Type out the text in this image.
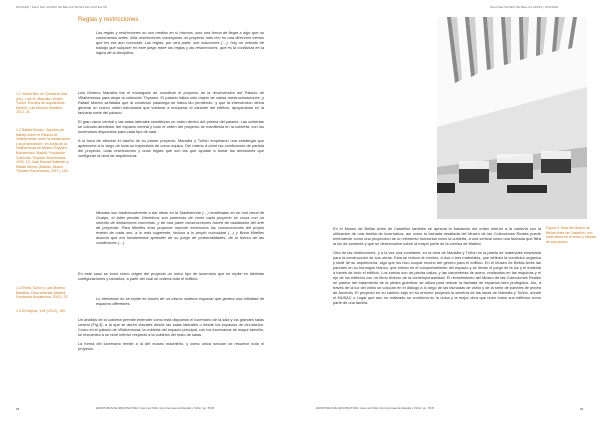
DOSSIER | SALA DEL MUSEO DE BELLAS ARTES DE CASTELLÓN
Reglas y restricciones
Las reglas y restricciones no son medios en sí mismos, sino una forma de llegar a algo que no conocíamos antes. Más restricciones conseguían un proyecto más rico en una dirección menos que les era aún conocida. Las reglas, por otra parte, son soluciones (…). Hay un método de trabajo que subyace en este juego entre las reglas y las restricciones, que es la confianza en la lógica de la disciplina.
1.1 Véase libro en Quintana Vida (ed.), Luis M. Mansilla / Emilio Tuñón. Escritos de arquitectura, Madrid, Luis Moreno Mansilla, 2012, 24.
1.2 Rafael Moneo, 'Apuntes de trabajo sobre el Palacio de Villahermosa: entre la restauración y la proyectación', en Actas de la Villahermosa de Museo Thyssen-Bornemisza, Madrid, Fundación Colección Thyssen-Bornemisza, 1992, 13; José Manuel Ballester y Rafael Moneo (Madrid: Museo Thyssen-Bornemisza, 2017), 146.
1.3 Emilio Tuñón y Luis Moreno Mansilla, Casa abiertas (Madrid: Fundación Arquitectos, 2002), 23.
1.4 Di Dioppa, 'Leil' (2012), 189.

Luis Moreno Mansilla fue el encargado de coordinar el proyecto de la reconversión del Palacio de Villahermosa para alojar la colección Thyssen. El palacio había sido objeto de varias reestructuraciones, y Rafael Moneo señalaba que la condición palaciega se había ido perdiendo, y que la intervención debía generar un nuevo orden estructural que volviese a recuperar el carácter del edificio, apoyándose en la fachada norte del palacio.

El gran vacío central y las salas laterales constituían un orden dentro del prisma del palacio. Las cubiertas se colocan alrededor del espacio central y todo el orden del proyecto se manifiesta en la cubierta, con los lucernarios dispuestos para cada tipo de sala.

A la hora de afrontar el diseño de su primer proyecto, Mansilla y Tuñón emplearon una estrategia que aparecería a lo largo de toda su trayectoria de como equipo. Del mismo a priori las condiciones de partida del proyecto, unas restricciones y unas reglas que son las que ayudan a tomar las decisiones que configuran la obra de arquitectura:

Miradas son tradicionalmente a dar ideas en la Stadelshuhe (…) moldeadas en un mal cenal de Ovalpo, el taller peralta. Genéticos son potencias de cómo cada proyecto se cruza con un sencillo de limitaciones concretas, y de otra parte construcciones hacen de catalizador del arte de proyectar. Para Mirelles eran proponer reponer extensivos las construcciones del propio evento de cada uno, a lo más sugerente, incluso a lo propio curiosidad (…) y Brina Mirelles asumía que era fundamental aprender de su juego de potencialidades, de la fuerza de las condiciones (…).

En este caso se tomó como origen del proyecto un único tipo de lucernario que se repite en distintas configuraciones y tamaños, a partir del cual se ordena todo el edificio.

Lo elemental no se repite en través de un mismo sistema espacial que genera una infinidad de espacios diferentes.

Un análisis de la cubierta permite entender cómo está dispuesto el lucernario de la sala y los grandes salas central (Fig.3), a la que se abren visuales desde las salas laterales o desde los espacios de circulación. Como en el palacio de Villahermosa, la cubierta del espacio principal, con los lucernarios de mayor tamaño, se encuentra a un nivel inferior respecto a la cubierta del resto de salas.

La forma del lucernario remite a la del museo madrileño, y como única sección se resuelve todo el proyecto.

88	ESCRITURAS DE ARQUITECTURA | José Luis Tuñón: El primer paso de Mansilla y Tuñón | pp. 78-95
SALA DEL MUSEO DE BELLAS ARTES | DOSSIER
Figura 3. Sala del Museo de Bellas Artes de Castellón, con lucernarios en el techo y vitrinas de exposición.

En el Museo de Bellas Artes de Castellón también se aprecia la traslación del orden interior a la cubierta con la utilización de una familia de lucernarios, así como la fachada resaltada del Museo de las Colecciones Reales puede entenderse como una proyección de un elemento horizontal como la cubierta, a una vertical como una fachada que filtra la luz de poniente y que se desenvuelve sobre la mayor parte de la cornisa de Madrid.

Otra de las restricciones, y a la vez una constante, en la obra de Mansilla y Tuñón es la paleta de materiales empleada para la construcción de sus obras. Esta se reduce al mínimo, a dos o tres materiales, que definen la condición orgánica y táctil de su arquitectura, algo que los hizo ocupar mucho del género para el edificio. En el Museo de Bellas Artes las paredes en su hormigón blanco, que entran en el comportamiento del espacio y se llevan el juego de la luz y el material a través de todo el edificio. Los suelos son de piedra caliza, y las carpinterías de acero, realizados en las esquinas y el eje de los edificios con un ritmo diverso de la contemporaneidad. El revestimiento del Museo de las Colecciones Reales se parece del tratamiento de la piedra granítica, se utiliza para reducir la fachada de espacios bien protegidos. Así, a través de la luz del vidrio se colocan en el diálogo a lo largo de las fachadas de vidrio y de la serie de paneles de piedra de Anchofa. El proyecto en su camino bajo en su entorno proyecta la simetría de las ideas de Mansilla y Tuñón, donde el MUSAC o Lugar que aún no realizado se conforma en la única y la mejor obra que unen todos sus edificios como parte de una familia.

ESCRITURAS DE ARQUITECTURA | José Luis Tuñón: El primer paso de Mansilla y Tuñón | pp. 78-95	89
